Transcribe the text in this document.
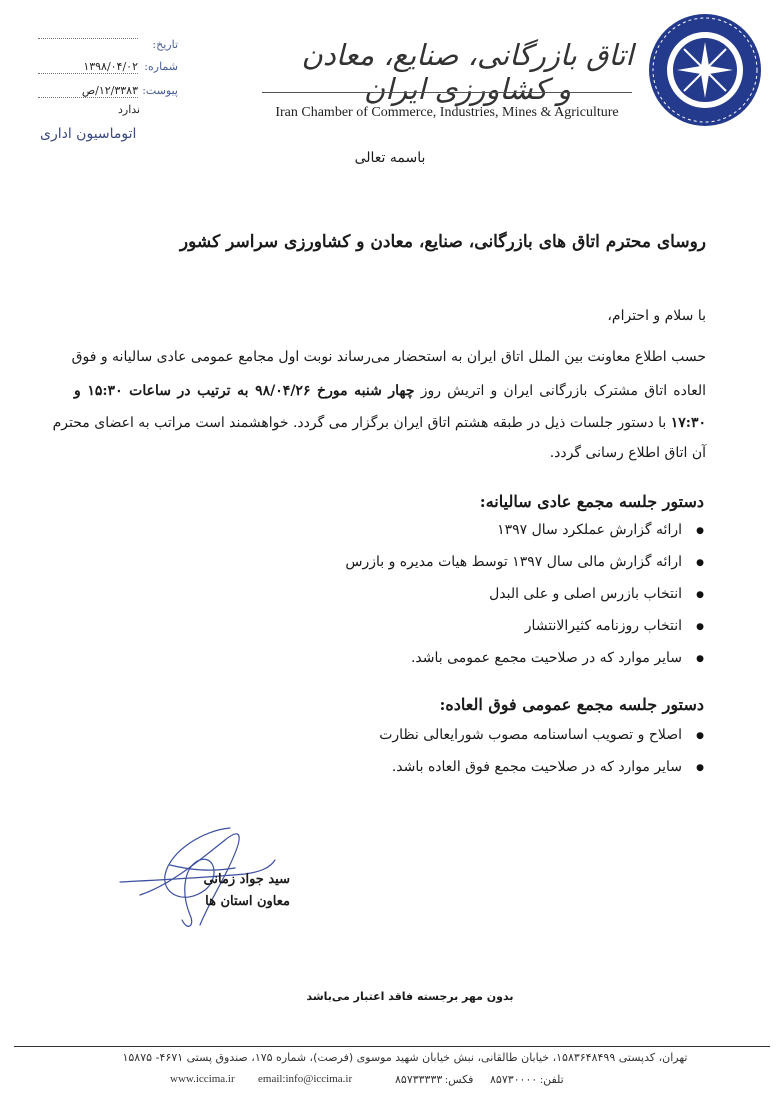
اتاق بازرگانی، صنایع، معادن و کشاورزی ایران
Iran Chamber of Commerce, Industries, Mines & Agriculture
تاریخ:
شماره:
۱۳۹۸/۰۴/۰۲
پیوست:
۱۲/۳۳۸۳/ص
ندارد
اتوماسیون اداری
باسمه تعالی
روسای محترم اتاق های بازرگانی، صنایع، معادن و کشاورزی سراسر کشور
با سلام و احترام،
حسب اطلاع معاونت بین الملل اتاق ایران به استحضار می‌رساند نوبت اول مجامع عمومی عادی سالیانه و فوق
العاده اتاق مشترک بازرگانی ایران و اتریش روز چهار شنبه مورخ ۹۸/۰۴/۲۶ به ترتیب در ساعات ۱۵:۳۰ و
۱۷:۳۰ با دستور جلسات ذیل در طبقه هشتم اتاق ایران برگزار می گردد. خواهشمند است مراتب به اعضای محترم
آن اتاق اطلاع رسانی گردد.
دستور جلسه مجمع عادی سالیانه:
● ارائه گزارش عملکرد سال ۱۳۹۷
● ارائه گزارش مالی سال ۱۳۹۷ توسط هیات مدیره و بازرس
● انتخاب بازرس اصلی و علی البدل
● انتخاب روزنامه کثیرالانتشار
● سایر موارد که در صلاحیت مجمع عمومی باشد.
دستور جلسه مجمع عمومی فوق العاده:
● اصلاح و تصویب اساسنامه مصوب شورایعالی نظارت
● سایر موارد که در صلاحیت مجمع فوق العاده باشد.
سید جواد زمانی
معاون استان ها
بدون مهر برجسته فاقد اعتبار می‌باشد
تهران، کدپستی ۱۵۸۳۶۴۸۴۹۹، خیابان طالقانی، نبش خیابان شهید موسوی (فرصت)، شماره ۱۷۵، صندوق پستی ۴۶۷۱- ۱۵۸۷۵
www.iccima.ir email:info@iccima.ir	فکس: ۸۵۷۳۳۳۳۳ تلفن: ۸۵۷۳۰۰۰۰
